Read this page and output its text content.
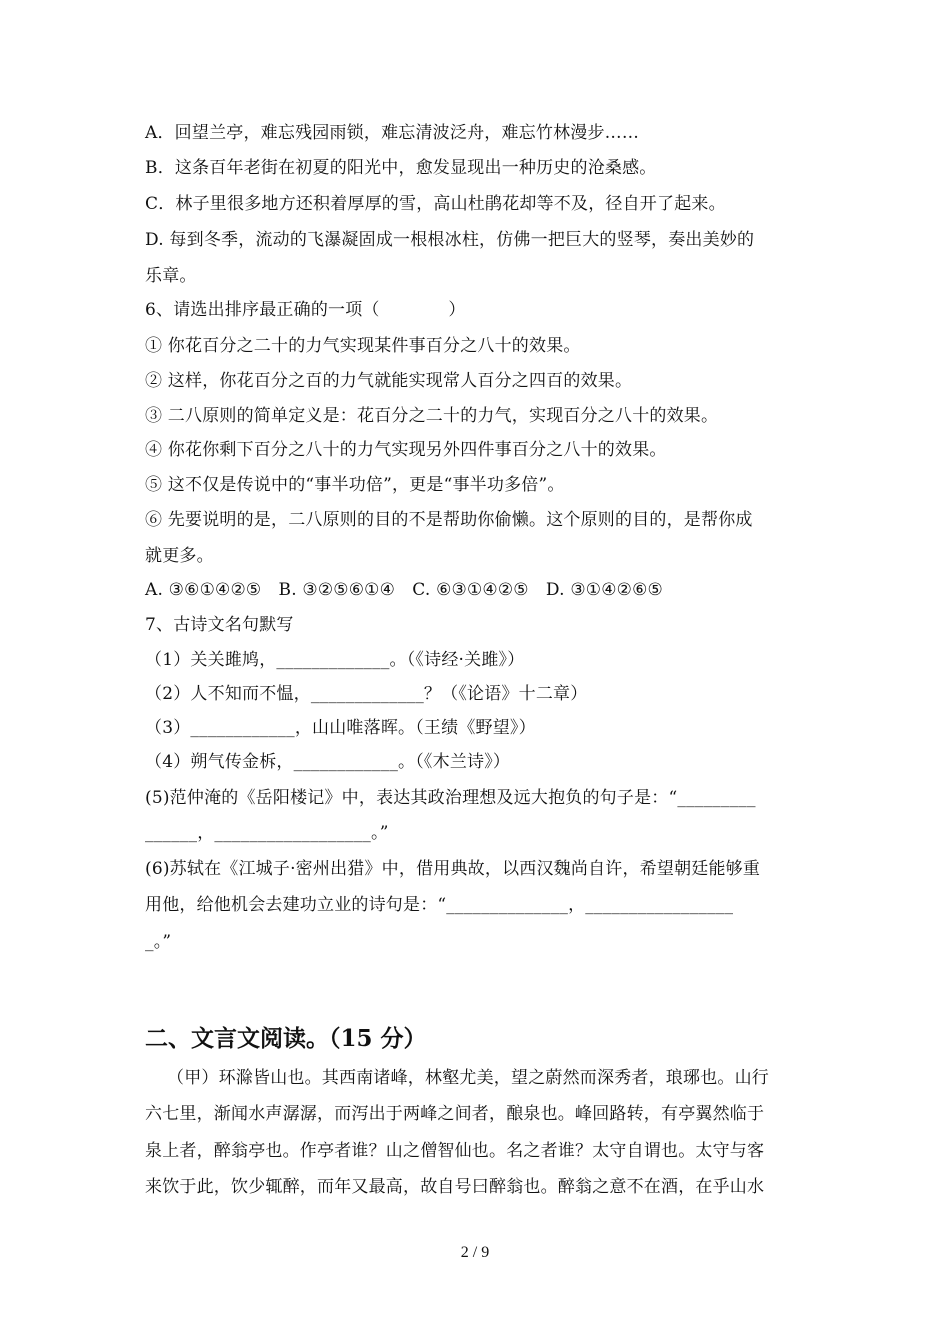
A．回望兰亭，难忘残园雨锁，难忘清波泛舟，难忘竹林漫步……
B．这条百年老街在初夏的阳光中，愈发显现出一种历史的沧桑感。
C．林子里很多地方还积着厚厚的雪，高山杜鹃花却等不及，径自开了起来。
D. 每到冬季，流动的飞瀑凝固成一根根冰柱，仿佛一把巨大的竖琴，奏出美妙的
乐章。
6、请选出排序最正确的一项（　　　　）
① 你花百分之二十的力气实现某件事百分之八十的效果。
② 这样，你花百分之百的力气就能实现常人百分之四百的效果。
③ 二八原则的简单定义是：花百分之二十的力气，实现百分之八十的效果。
④ 你花你剩下百分之八十的力气实现另外四件事百分之八十的效果。
⑤ 这不仅是传说中的“事半功倍”，更是“事半功多倍”。
⑥ 先要说明的是，二八原则的目的不是帮助你偷懒。这个原则的目的，是帮你成
就更多。
A. ③⑥①④②⑤　B. ③②⑤⑥①④　C. ⑥③①④②⑤　D. ③①④②⑥⑤
7、古诗文名句默写
（1）关关雎鸠，_____________。（《诗经·关雎》）
（2）人不知而不愠，_____________？（《论语》十二章）
（3）____________，山山唯落晖。（王绩《野望》）
（4）朔气传金柝，____________。（《木兰诗》）
(5)范仲淹的《岳阳楼记》中，表达其政治理想及远大抱负的句子是：“_________
______，__________________。”
(6)苏轼在《江城子·密州出猎》中，借用典故，以西汉魏尚自许，希望朝廷能够重
用他，给他机会去建功立业的诗句是：“______________，_________________
_。”
二、文言文阅读。（15 分）
（甲）环滁皆山也。其西南诸峰，林壑尤美，望之蔚然而深秀者，琅琊也。山行
六七里，渐闻水声潺潺，而泻出于两峰之间者，酿泉也。峰回路转，有亭翼然临于
泉上者，醉翁亭也。作亭者谁？山之僧智仙也。名之者谁？太守自谓也。太守与客
来饮于此，饮少辄醉，而年又最高，故自号曰醉翁也。醉翁之意不在酒，在乎山水
2 / 9
